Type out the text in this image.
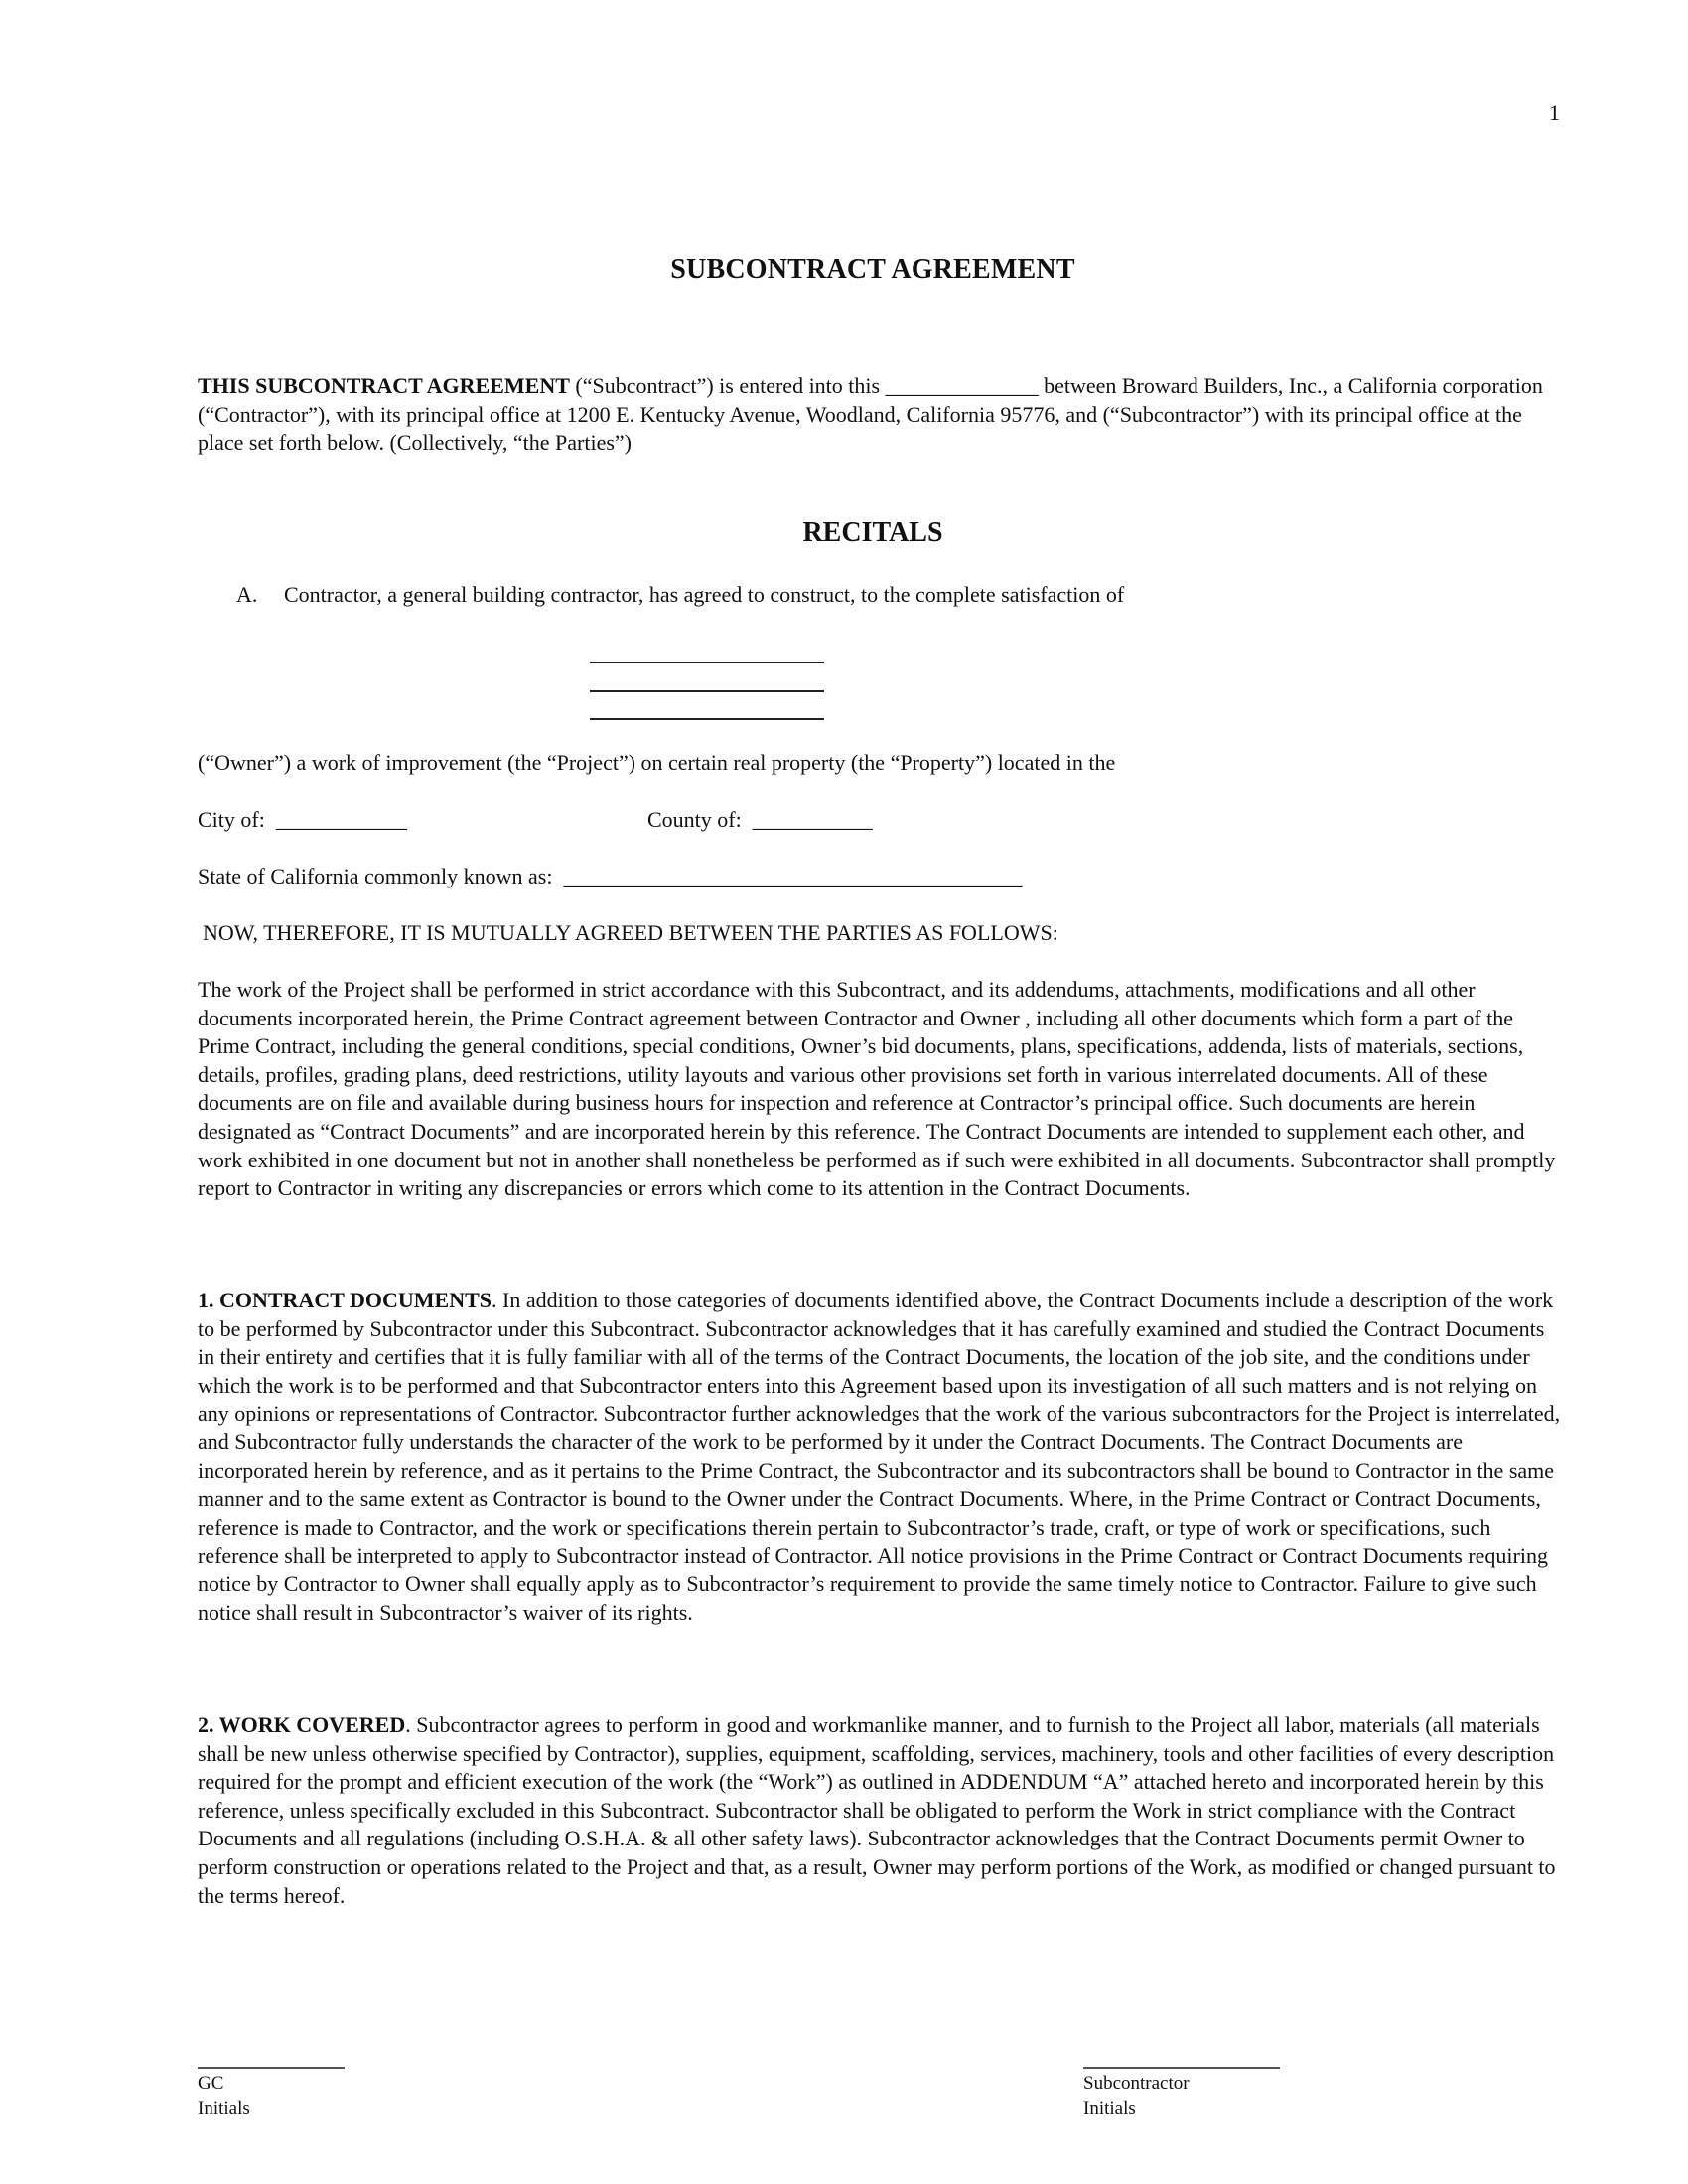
1
SUBCONTRACT AGREEMENT
THIS SUBCONTRACT AGREEMENT (“Subcontract”) is entered into this ______________ between Broward Builders, Inc., a California corporation (“Contractor”), with its principal office at 1200 E. Kentucky Avenue, Woodland, California 95776, and (“Subcontractor”) with its principal office at the place set forth below. (Collectively, “the Parties”)
RECITALS
A. Contractor, a general building contractor, has agreed to construct, to the complete satisfaction of
(“Owner”) a work of improvement (the “Project”) on certain real property (the “Property”) located in the
City of:  ____________	County of:  ___________
State of California commonly known as:  __________________________________________
NOW, THEREFORE, IT IS MUTUALLY AGREED BETWEEN THE PARTIES AS FOLLOWS:
The work of the Project shall be performed in strict accordance with this Subcontract, and its addendums, attachments, modifications and all other documents incorporated herein, the Prime Contract agreement between Contractor and Owner , including all other documents which form a part of the Prime Contract, including the general conditions, special conditions, Owner’s bid documents, plans, specifications, addenda, lists of materials, sections, details, profiles, grading plans, deed restrictions, utility layouts and various other provisions set forth in various interrelated documents. All of these documents are on file and available during business hours for inspection and reference at Contractor’s principal office. Such documents are herein designated as “Contract Documents” and are incorporated herein by this reference. The Contract Documents are intended to supplement each other, and work exhibited in one document but not in another shall nonetheless be performed as if such were exhibited in all documents. Subcontractor shall promptly report to Contractor in writing any discrepancies or errors which come to its attention in the Contract Documents.
1. CONTRACT DOCUMENTS. In addition to those categories of documents identified above, the Contract Documents include a description of the work to be performed by Subcontractor under this Subcontract. Subcontractor acknowledges that it has carefully examined and studied the Contract Documents in their entirety and certifies that it is fully familiar with all of the terms of the Contract Documents, the location of the job site, and the conditions under which the work is to be performed and that Subcontractor enters into this Agreement based upon its investigation of all such matters and is not relying on any opinions or representations of Contractor. Subcontractor further acknowledges that the work of the various subcontractors for the Project is interrelated, and Subcontractor fully understands the character of the work to be performed by it under the Contract Documents. The Contract Documents are incorporated herein by reference, and as it pertains to the Prime Contract, the Subcontractor and its subcontractors shall be bound to Contractor in the same manner and to the same extent as Contractor is bound to the Owner under the Contract Documents. Where, in the Prime Contract or Contract Documents, reference is made to Contractor, and the work or specifications therein pertain to Subcontractor’s trade, craft, or type of work or specifications, such reference shall be interpreted to apply to Subcontractor instead of Contractor. All notice provisions in the Prime Contract or Contract Documents requiring notice by Contractor to Owner shall equally apply as to Subcontractor’s requirement to provide the same timely notice to Contractor. Failure to give such notice shall result in Subcontractor’s waiver of its rights.
2. WORK COVERED. Subcontractor agrees to perform in good and workmanlike manner, and to furnish to the Project all labor, materials (all materials shall be new unless otherwise specified by Contractor), supplies, equipment, scaffolding, services, machinery, tools and other facilities of every description required for the prompt and efficient execution of the work (the “Work”) as outlined in ADDENDUM “A” attached hereto and incorporated herein by this reference, unless specifically excluded in this Subcontract. Subcontractor shall be obligated to perform the Work in strict compliance with the Contract Documents and all regulations (including O.S.H.A. & all other safety laws). Subcontractor acknowledges that the Contract Documents permit Owner to perform construction or operations related to the Project and that, as a result, Owner may perform portions of the Work, as modified or changed pursuant to the terms hereof.
GC
Initials
Subcontractor
Initials
